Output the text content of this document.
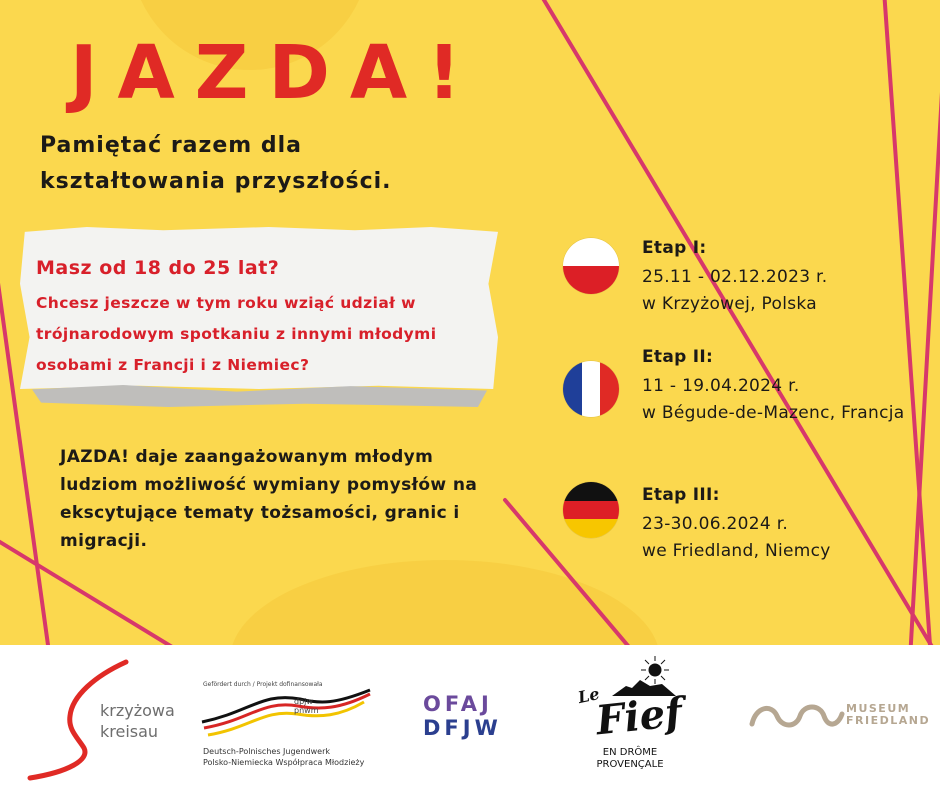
JAZDA!

Pamiętać razem dla kształtowania przyszłości.

Masz od 18 do 25 lat?
Chcesz jeszcze w tym roku wziąć udział w trójnarodowym spotkaniu z innymi młodymi osobami z Francji i z Niemiec?
JAZDA! daje zaangażowanym młodym ludziom możliwość wymiany pomysłów na ekscytujące tematy tożsamości, granic i migracji.
Etap I:
25.11 - 02.12.2023 r.
w Krzyżowej, Polska
Etap II:
11 - 19.04.2024 r.
w Bégude-de-Mazenc, Francja
Etap III:
23-30.06.2024 r.
we Friedland, Niemcy
krzyżowa
kreisau
Gefördert durch / Projekt dofinansowała
dpjw
pnwm
Deutsch-Polnisches Jugendwerk
Polsko-Niemiecka Współpraca Młodzieży
OFAJ
DFJW
Le
Fief
EN DRÔME
PROVENÇALE
MUSEUM
FRIEDLAND
